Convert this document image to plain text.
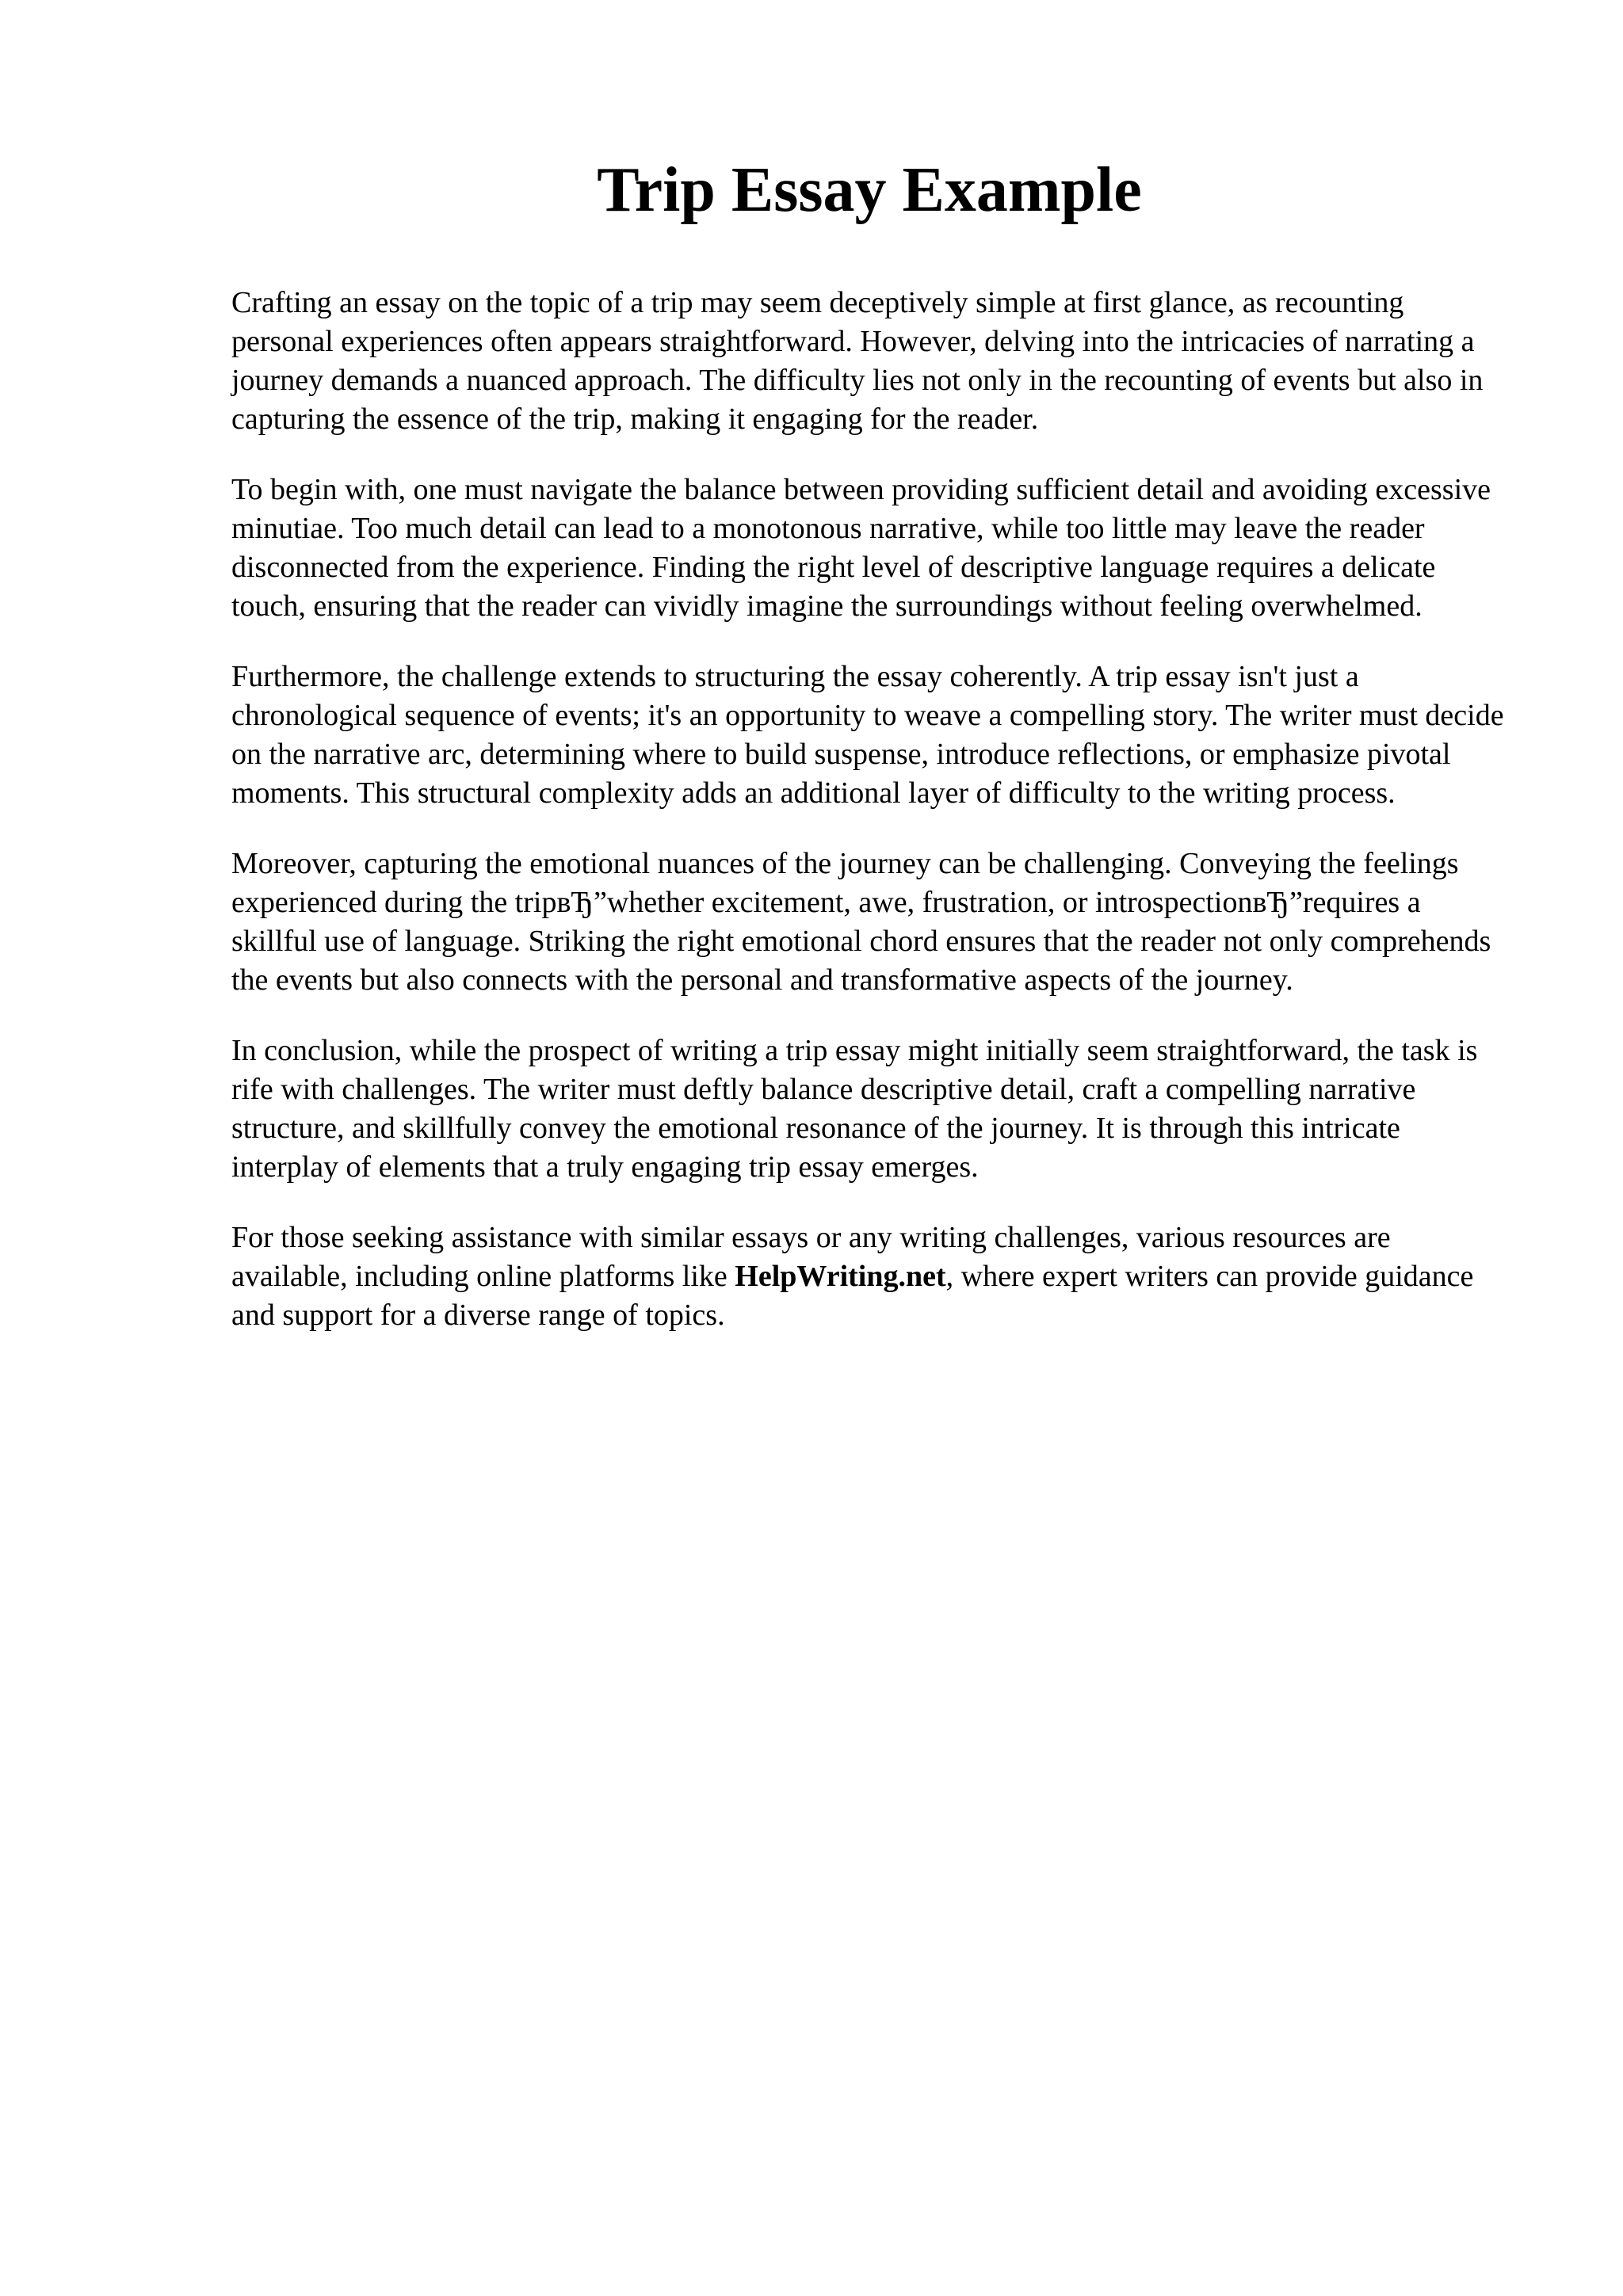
Trip Essay Example

Crafting an essay on the topic of a trip may seem deceptively simple at first glance, as recounting personal experiences often appears straightforward. However, delving into the intricacies of narrating a journey demands a nuanced approach. The difficulty lies not only in the recounting of events but also in capturing the essence of the trip, making it engaging for the reader.

To begin with, one must navigate the balance between providing sufficient detail and avoiding excessive minutiae. Too much detail can lead to a monotonous narrative, while too little may leave the reader disconnected from the experience. Finding the right level of descriptive language requires a delicate touch, ensuring that the reader can vividly imagine the surroundings without feeling overwhelmed.

Furthermore, the challenge extends to structuring the essay coherently. A trip essay isn't just a chronological sequence of events; it's an opportunity to weave a compelling story. The writer must decide on the narrative arc, determining where to build suspense, introduce reflections, or emphasize pivotal moments. This structural complexity adds an additional layer of difficulty to the writing process.

Moreover, capturing the emotional nuances of the journey can be challenging. Conveying the feelings experienced during the tripвЂ”whether excitement, awe, frustration, or introspectionвЂ”requires a skillful use of language. Striking the right emotional chord ensures that the reader not only comprehends the events but also connects with the personal and transformative aspects of the journey.

In conclusion, while the prospect of writing a trip essay might initially seem straightforward, the task is rife with challenges. The writer must deftly balance descriptive detail, craft a compelling narrative structure, and skillfully convey the emotional resonance of the journey. It is through this intricate interplay of elements that a truly engaging trip essay emerges.

For those seeking assistance with similar essays or any writing challenges, various resources are available, including online platforms like HelpWriting.net, where expert writers can provide guidance and support for a diverse range of topics.
